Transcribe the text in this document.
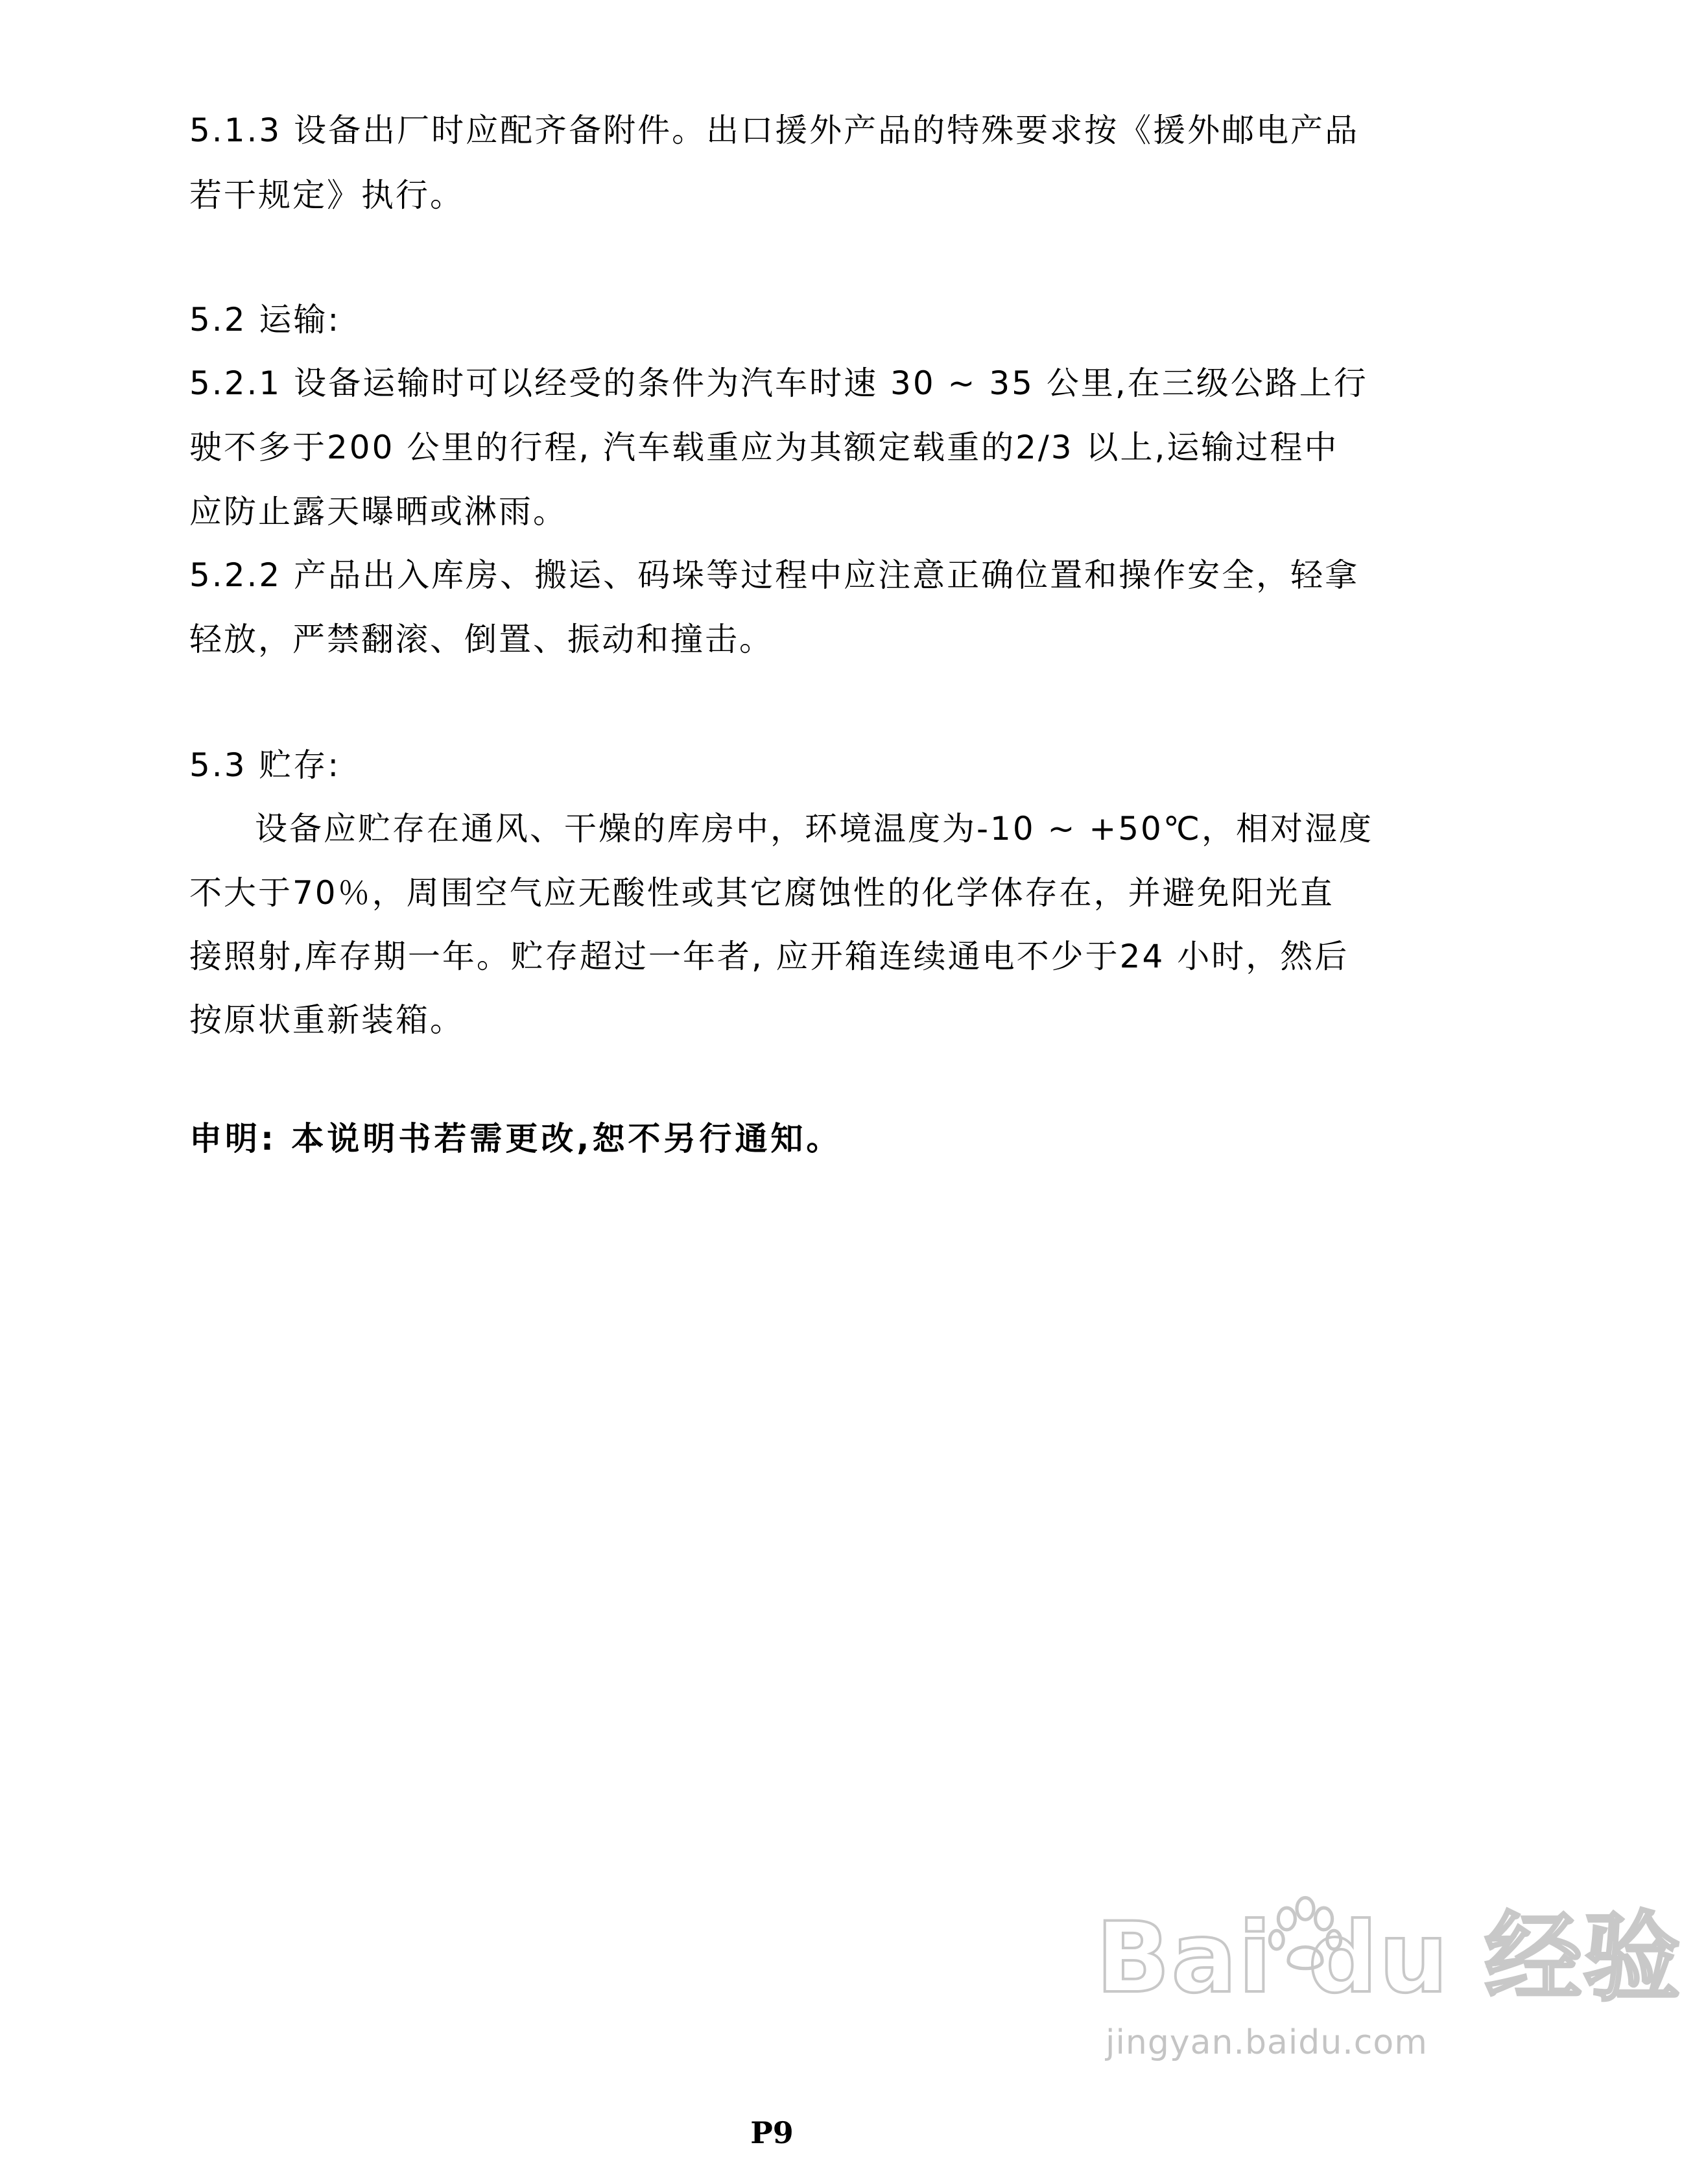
5.1.3 设备出厂时应配齐备附件。出口援外产品的特殊要求按《援外邮电产品
若干规定》执行。
5.2 运输:
5.2.1 设备运输时可以经受的条件为汽车时速 30 ~ 35 公里,在三级公路上行
驶不多于200 公里的行程, 汽车载重应为其额定载重的2/3 以上,运输过程中
应防止露天曝晒或淋雨。
5.2.2 产品出入库房、搬运、码垛等过程中应注意正确位置和操作安全，轻拿
轻放，严禁翻滚、倒置、振动和撞击。
5.3 贮存:
设备应贮存在通风、干燥的库房中，环境温度为-10 ~ +50℃，相对湿度
不大于70％，周围空气应无酸性或其它腐蚀性的化学体存在，并避免阳光直
接照射,库存期一年。贮存超过一年者, 应开箱连续通电不少于24 小时，然后
按原状重新装箱。
申明: 本说明书若需更改,恕不另行通知。
Bai du 经验
jingyan.baidu.com
P9
